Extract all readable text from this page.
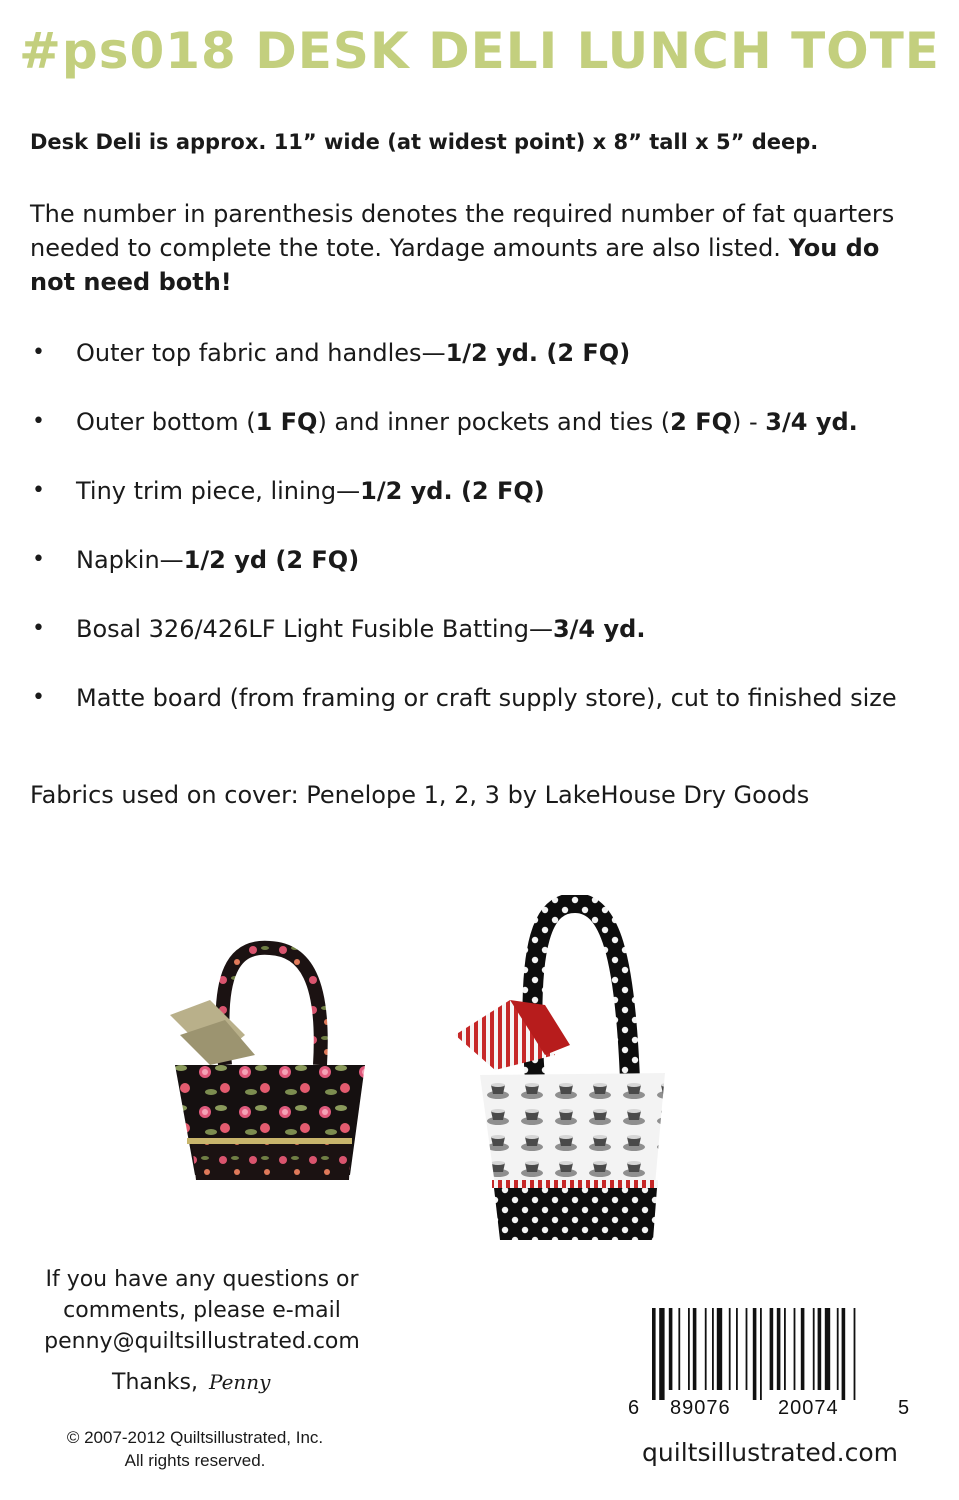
#ps018 DESK DELI LUNCH TOTE
Desk Deli is approx. 11” wide (at widest point) x 8” tall x 5” deep.
The number in parenthesis denotes the required number of fat quarters needed to complete the tote. Yardage amounts are also listed. You do not need both!
• Outer top fabric and handles—1/2 yd. (2 FQ)
• Outer bottom (1 FQ) and inner pockets and ties (2 FQ) - 3/4 yd.
• Tiny trim piece, lining—1/2 yd. (2 FQ)
• Napkin—1/2 yd (2 FQ)
• Bosal 326/426LF Light Fusible Batting—3/4 yd.
• Matte board (from framing or craft supply store), cut to finished size
Fabrics used on cover: Penelope 1, 2, 3 by LakeHouse Dry Goods
If you have any questions or
comments, please e-mail
penny@quiltsillustrated.com
Thanks, Penny
© 2007-2012 Quiltsillustrated, Inc.
All rights reserved.
6 89076 20074	5
quiltsillustrated.com
